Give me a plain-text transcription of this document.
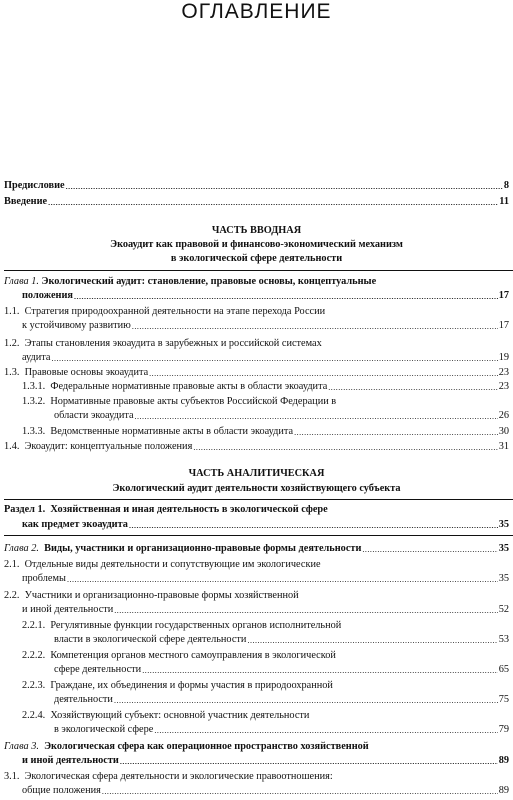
ОГЛАВЛЕНИЕ
Предисловие .....	8
Введение .....	11
ЧАСТЬ ВВОДНАЯ
Экоаудит как правовой и финансово-экономический механизм
в экологической сфере деятельности
Глава 1. Экологический аудит: становление, правовые основы, концептуальные
положения .....	17
1.1. Стратегия природоохранной деятельности на этапе перехода России
к устойчивому развитию .....	17
1.2. Этапы становления экоаудита в зарубежных и российской системах
аудита .....	19
1.3. Правовые основы экоаудита .....	23
1.3.1. Федеральные нормативные правовые акты в области экоаудита .....	23
1.3.2. Нормативные правовые акты субъектов Российской Федерации в
области экоаудита .....	26
1.3.3. Ведомственные нормативные акты в области экоаудита .....	30
1.4. Экоаудит: концептуальные положения .....	31
ЧАСТЬ АНАЛИТИЧЕСКАЯ
Экологический аудит деятельности хозяйствующего субъекта
Раздел 1. Хозяйственная и иная деятельность в экологической сфере
как предмет экоаудита .....	35
Глава 2. Виды, участники и организационно-правовые формы деятельности .....	35
2.1. Отдельные виды деятельности и сопутствующие им экологические
проблемы .....	35
2.2. Участники и организационно-правовые формы хозяйственной
и иной деятельности .....	52
2.2.1. Регулятивные функции государственных органов исполнительной
власти в экологической сфере деятельности .....	53
2.2.2. Компетенция органов местного самоуправления в экологической
сфере деятельности .....	65
2.2.3. Граждане, их объединения и формы участия в природоохранной
деятельности .....	75
2.2.4. Хозяйствующий субъект: основной участник деятельности
в экологической сфере .....	79
Глава 3. Экологическая сфера как операционное пространство хозяйственной
и иной деятельности .....	89
3.1. Экологическая сфера деятельности и экологические правоотношения:
общие положения .....	89
